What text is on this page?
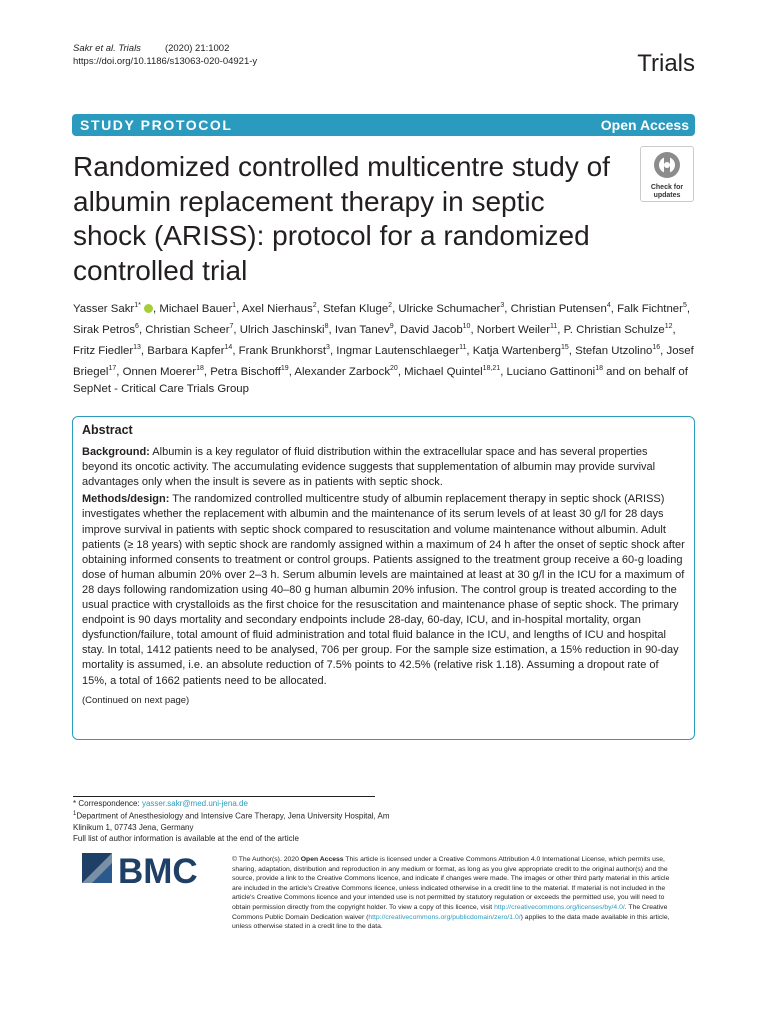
Sakr et al. Trials	(2020) 21:1002
https://doi.org/10.1186/s13063-020-04921-y	Trials
STUDY PROTOCOL	Open Access
Randomized controlled multicentre study of albumin replacement therapy in septic shock (ARISS): protocol for a randomized controlled trial
Check for
updates
Yasser Sakr$^{1*}$ , Michael Bauer$^1$, Axel Nierhaus$^2$, Stefan Kluge$^2$, Ulricke Schumacher$^3$, Christian Putensen$^4$, Falk Fichtner$^5$, Sirak Petros$^6$, Christian Scheer$^7$, Ulrich Jaschinski$^8$, Ivan Tanev$^9$, David Jacob$^{10}$, Norbert Weiler$^{11}$, P. Christian Schulze$^{12}$, Fritz Fiedler$^{13}$, Barbara Kapfer$^{14}$, Frank Brunkhorst$^3$, Ingmar Lautenschlaeger$^{11}$, Katja Wartenberg$^{15}$, Stefan Utzolino$^{16}$, Josef Briegel$^{17}$, Onnen Moerer$^{18}$, Petra Bischoff$^{19}$, Alexander Zarbock$^{20}$, Michael Quintel$^{18,21}$, Luciano Gattinoni$^{18}$ and on behalf of SepNet - Critical Care Trials Group
Abstract

Background: Albumin is a key regulator of fluid distribution within the extracellular space and has several properties beyond its oncotic activity. The accumulating evidence suggests that supplementation of albumin may provide survival advantages only when the insult is severe as in patients with septic shock.

Methods/design: The randomized controlled multicentre study of albumin replacement therapy in septic shock (ARISS) investigates whether the replacement with albumin and the maintenance of its serum levels of at least 30 g/l for 28 days improve survival in patients with septic shock compared to resuscitation and volume maintenance without albumin. Adult patients (≥ 18 years) with septic shock are randomly assigned within a maximum of 24 h after the onset of septic shock after obtaining informed consents to treatment or control groups. Patients assigned to the treatment group receive a 60-g loading dose of human albumin 20% over 2–3 h. Serum albumin levels are maintained at least at 30 g/l in the ICU for a maximum of 28 days following randomization using 40–80 g human albumin 20% infusion. The control group is treated according to the usual practice with crystalloids as the first choice for the resuscitation and maintenance phase of septic shock. The primary endpoint is 90 days mortality and secondary endpoints include 28-day, 60-day, ICU, and in-hospital mortality, organ dysfunction/failure, total amount of fluid administration and total fluid balance in the ICU, and lengths of ICU and hospital stay. In total, 1412 patients need to be analysed, 706 per group. For the sample size estimation, a 15% reduction in 90-day mortality is assumed, i.e. an absolute reduction of 7.5% points to 42.5% (relative risk 1.18). Assuming a dropout rate of 15%, a total of 1662 patients need to be allocated.

(Continued on next page)
* Correspondence: yasser.sakr@med.uni-jena.de
$^1$Department of Anesthesiology and Intensive Care Therapy, Jena University Hospital, Am Klinikum 1, 07743 Jena, Germany
Full list of author information is available at the end of the article
BMC	© The Author(s). 2020 Open Access This article is licensed under a Creative Commons Attribution 4.0 International License, which permits use, sharing, adaptation, distribution and reproduction in any medium or format, as long as you give appropriate credit to the original author(s) and the source, provide a link to the Creative Commons licence, and indicate if changes were made. The images or other third party material in this article are included in the article's Creative Commons licence, unless indicated otherwise in a credit line to the material. If material is not included in the article's Creative Commons licence and your intended use is not permitted by statutory regulation or exceeds the permitted use, you will need to obtain permission directly from the copyright holder. To view a copy of this licence, visit http://creativecommons.org/licenses/by/4.0/. The Creative Commons Public Domain Dedication waiver (http://creativecommons.org/publicdomain/zero/1.0/) applies to the data made available in this article, unless otherwise stated in a credit line to the data.
